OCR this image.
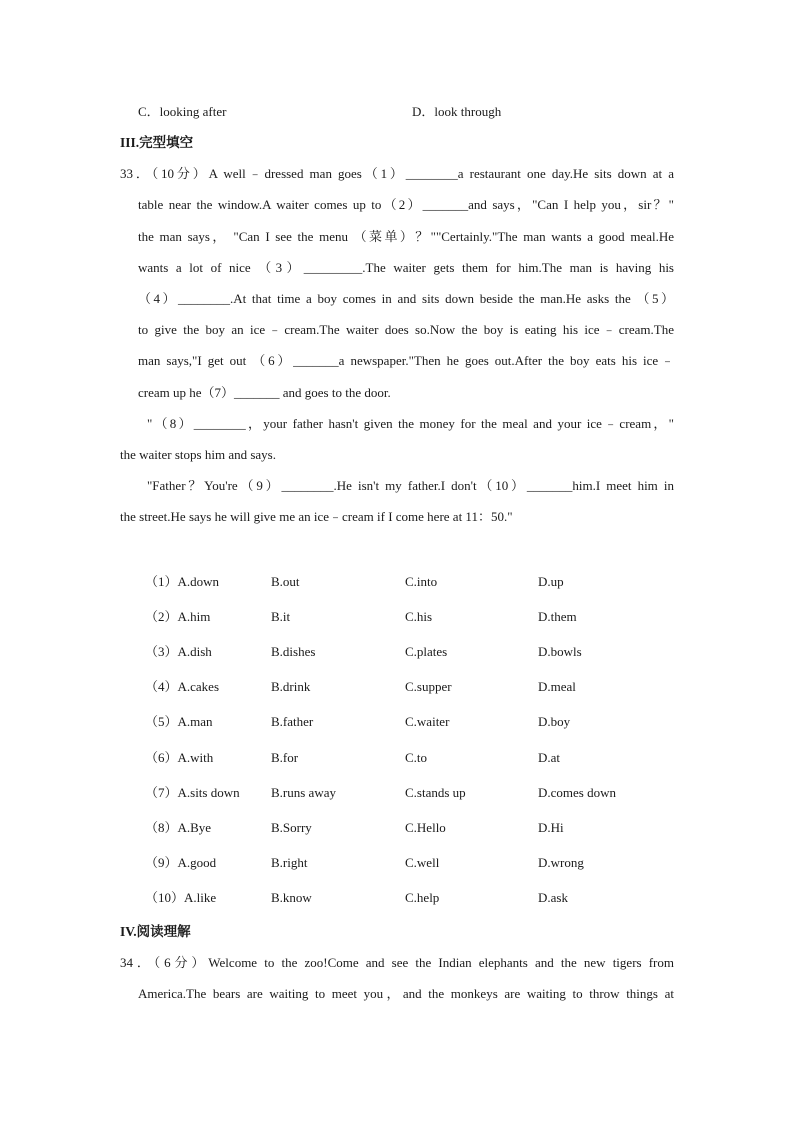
C．looking after	D．look through
III.完型填空
33．（10分）A well﹣dressed man goes（1）________a restaurant one day.He sits down at a
table near the window.A waiter comes up to（2）_______and says，"Can I help you，sir？"
the man says， "Can I see the menu （菜单）？""Certainly."The man wants a good meal.He
wants a lot of nice （3）_________.The waiter gets them for him.The man is having his
（4）________.At that time a boy comes in and sits down beside the man.He asks the （5）
to give the boy an ice﹣cream.The waiter does so.Now the boy is eating his ice﹣cream.The
man says,"I get out （6）_______a newspaper."Then he goes out.After the boy eats his ice﹣
cream up he（7）_______ and goes to the door.
"（8）________，your father hasn't given the money for the meal and your ice﹣cream，"
the waiter stops him and says.
"Father？You're（9）________.He isn't my father.I don't（10）_______him.I meet him in
the street.He says he will give me an ice﹣cream if I come here at 11：50."
（1）A.down	B.out	C.into	D.up
（2）A.him	B.it	C.his	D.them
（3）A.dish	B.dishes	C.plates	D.bowls
（4）A.cakes	B.drink	C.supper	D.meal
（5）A.man	B.father	C.waiter	D.boy
（6）A.with	B.for	C.to	D.at
（7）A.sits down B.runs away	C.stands up	D.comes down
（8）A.Bye	B.Sorry	C.Hello	D.Hi
（9）A.good	B.right	C.well	D.wrong
（10）A.like	B.know	C.help	D.ask
IV.阅读理解
34．（6分）Welcome to the zoo!Come and see the Indian elephants and the new tigers from
America.The bears are waiting to meet you，and the monkeys are waiting to throw things at
